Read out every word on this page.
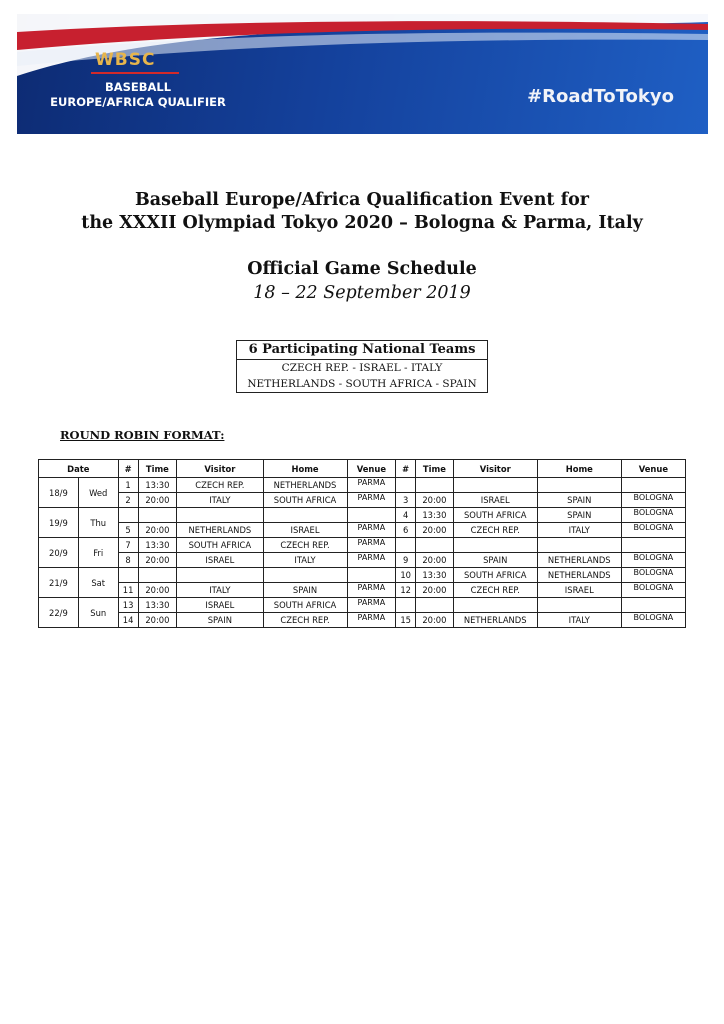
WBSC
BASEBALL
EUROPE/AFRICA QUALIFIER	#RoadToTokyo
Baseball Europe/Africa Qualification Event for
the XXXII Olympiad Tokyo 2020 – Bologna & Parma, Italy
Official Game Schedule
18 – 22 September 2019
6 Participating National Teams
CZECH REP. - ISRAEL - ITALY
NETHERLANDS - SOUTH AFRICA - SPAIN
ROUND ROBIN FORMAT:
Date		#	Time	Visitor	Home	Venue	#	Time	Visitor	Home	Venue
18/9	Wed	1	13:30	CZECH REP.	NETHERLANDS	PARMA					
		2	20:00	ITALY	SOUTH AFRICA	PARMA	3	20:00	ISRAEL	SPAIN	BOLOGNA
19/9	Thu						4	13:30	SOUTH AFRICA	SPAIN	BOLOGNA
		5	20:00	NETHERLANDS	ISRAEL	PARMA	6	20:00	CZECH REP.	ITALY	BOLOGNA
20/9	Fri	7	13:30	SOUTH AFRICA	CZECH REP.	PARMA					
		8	20:00	ISRAEL	ITALY	PARMA	9	20:00	SPAIN	NETHERLANDS	BOLOGNA
21/9	Sat						10	13:30	SOUTH AFRICA	NETHERLANDS	BOLOGNA
		11	20:00	ITALY	SPAIN	PARMA	12	20:00	CZECH REP.	ISRAEL	BOLOGNA
22/9	Sun	13	13:30	ISRAEL	SOUTH AFRICA	PARMA					
		14	20:00	SPAIN	CZECH REP.	PARMA	15	20:00	NETHERLANDS	ITALY	BOLOGNA
